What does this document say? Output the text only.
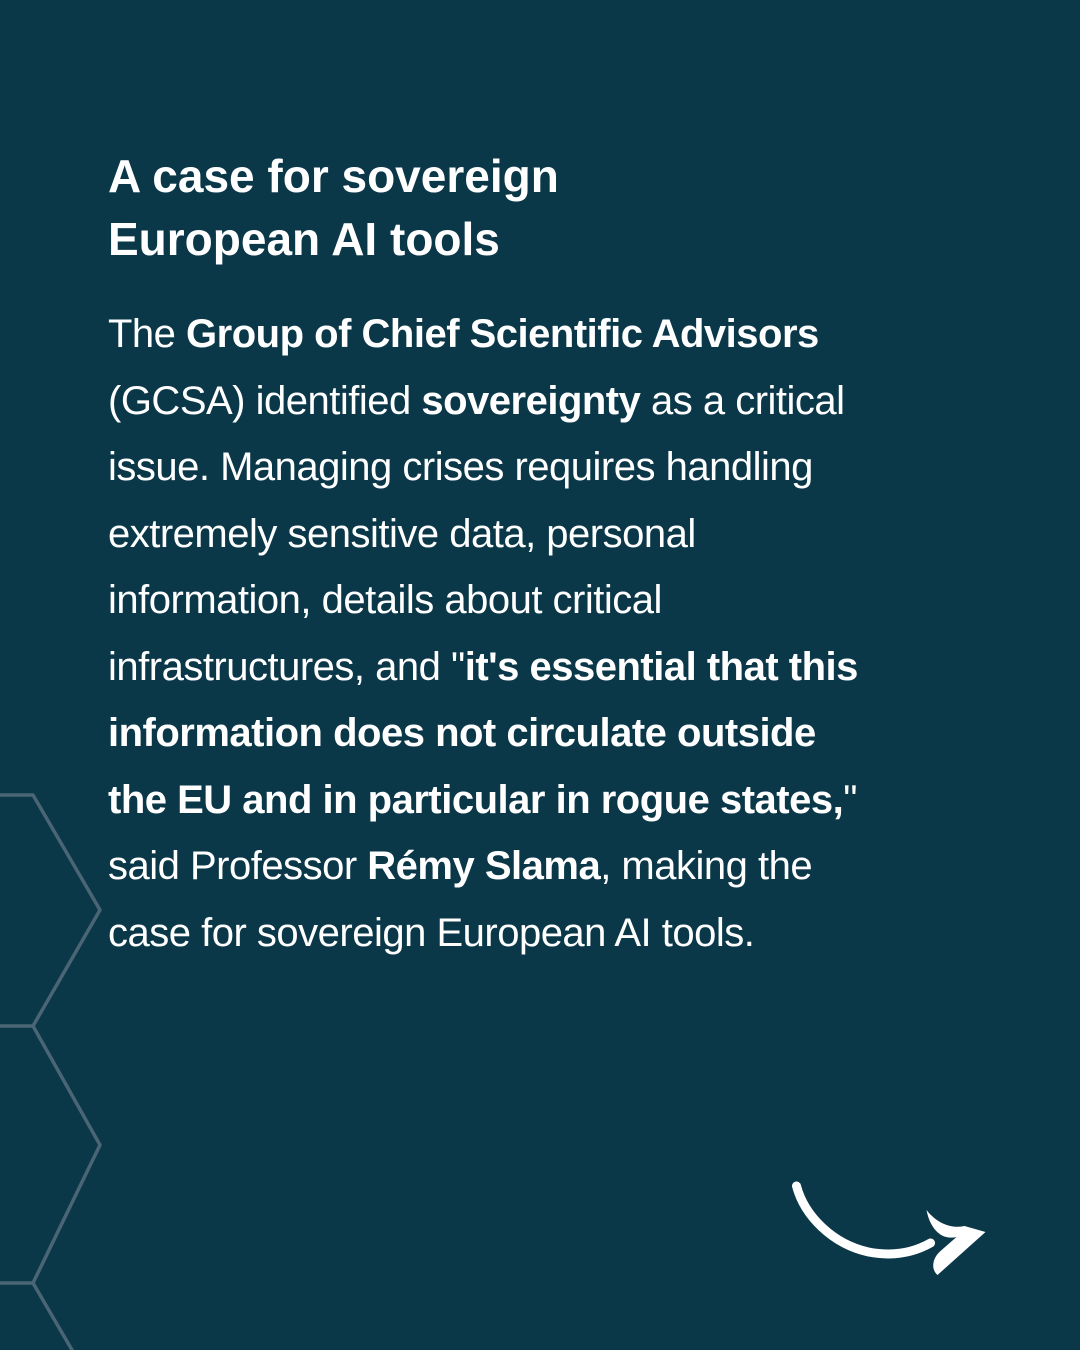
A case for sovereign
European AI tools
The Group of Chief Scientific Advisors
(GCSA) identified sovereignty as a critical
issue. Managing crises requires handling
extremely sensitive data, personal
information, details about critical
infrastructures, and "it's essential that this
information does not circulate outside
the EU and in particular in rogue states,"
said Professor Rémy Slama, making the
case for sovereign European AI tools.
